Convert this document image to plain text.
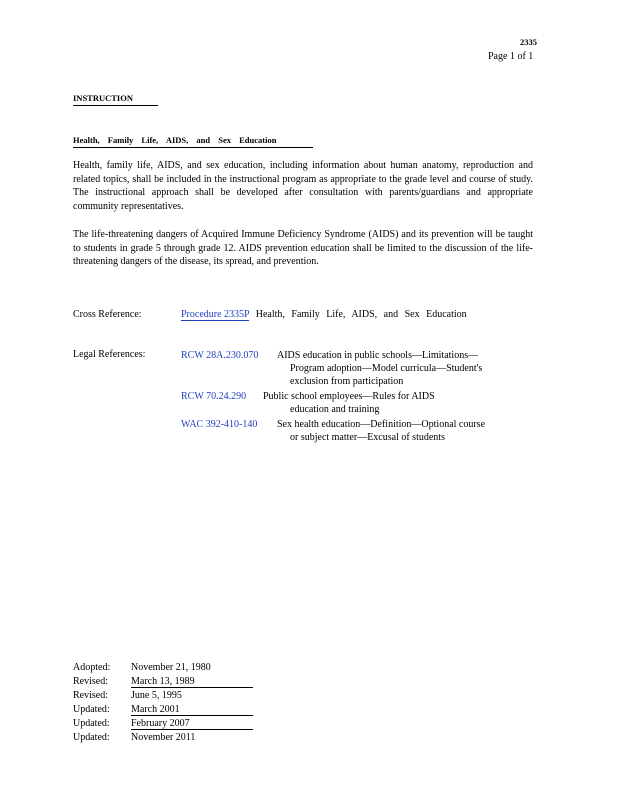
2335
Page 1 of 1
INSTRUCTION
Health, Family Life, AIDS, and Sex Education
Health, family life, AIDS, and sex education, including information about human anatomy, reproduction and related topics, shall be included in the instructional program as appropriate to the grade level and course of study. The instructional approach shall be developed after consultation with parents/guardians and appropriate community representatives.
The life-threatening dangers of Acquired Immune Deficiency Syndrome (AIDS) and its prevention will be taught to students in grade 5 through grade 12. AIDS prevention education shall be limited to the discussion of the life-threatening dangers of the disease, its spread, and prevention.
Cross Reference:	Procedure 2335P Health, Family Life, AIDS, and Sex Education
Legal References:	RCW 28A.230.070 AIDS education in public schools—Limitations—
Program adoption—Model curricula—Student's
exclusion from participation
RCW 70.24.290 Public school employees—Rules for AIDS
education and training
WAC 392-410-140 Sex health education—Definition—Optional course
or subject matter—Excusal of students
Adopted: November 21, 1980
Revised: March 13, 1989
Revised: June 5, 1995
Updated: March 2001
Updated: February 2007
Updated: November 2011
